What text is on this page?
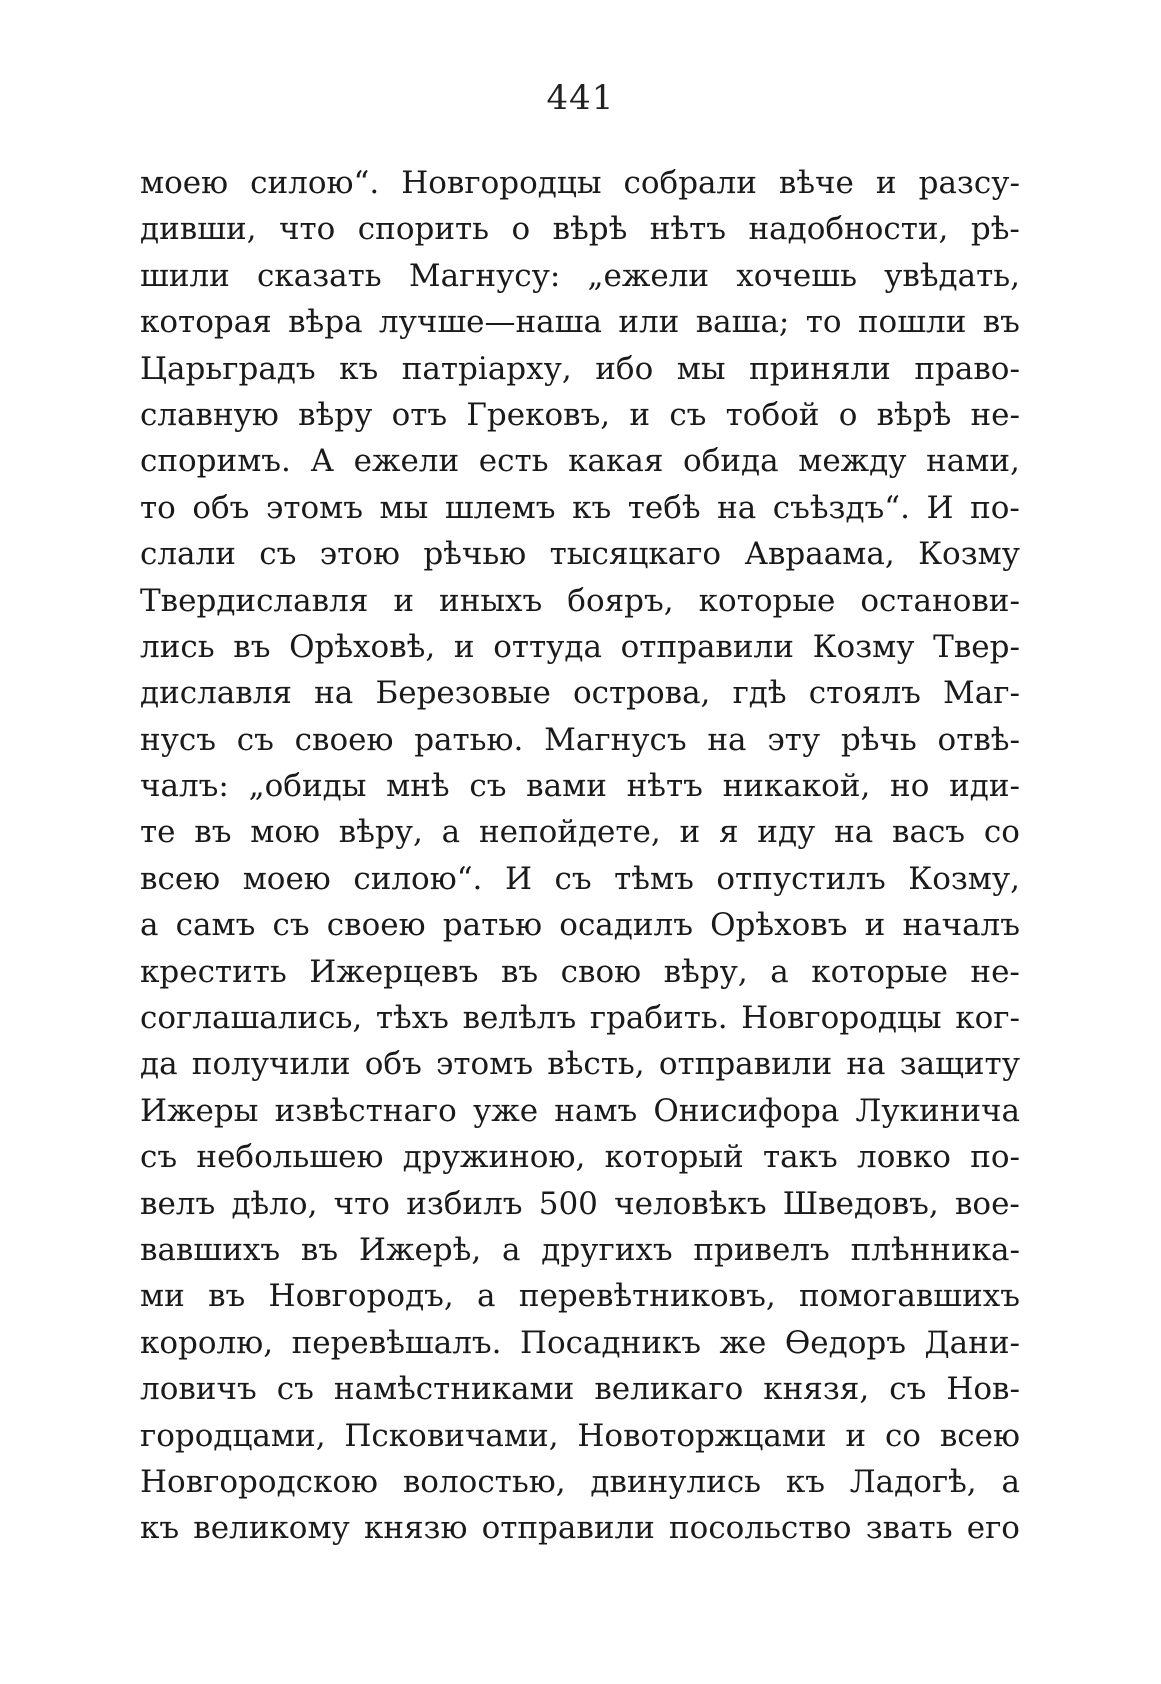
441
моею силою“. Новгородцы собрали вѣче и разсу-
дивши, что спорить о вѣрѣ нѣтъ надобности, рѣ-
шили сказать Магнусу: „ежели хочешь увѣдать,
которая вѣра лучше—наша или ваша; то пошли въ
Царьградъ къ патріарху, ибо мы приняли право-
славную вѣру отъ Грековъ, и съ тобой о вѣрѣ не-
споримъ. А ежели есть какая обида между нами,
то объ этомъ мы шлемъ къ тебѣ на съѣздъ“. И по-
слали съ этою рѣчью тысяцкаго Авраама, Козму
Твердиславля и иныхъ бояръ, которые останови-
лись въ Орѣховѣ, и оттуда отправили Козму Твер-
диславля на Березовые острова, гдѣ стоялъ Маг-
нусъ съ своею ратью. Магнусъ на эту рѣчь отвѣ-
чалъ: „обиды мнѣ съ вами нѣтъ никакой, но иди-
те въ мою вѣру, а непойдете, и я иду на васъ со
всею моею силою“. И съ тѣмъ отпустилъ Козму,
а самъ съ своею ратью осадилъ Орѣховъ и началъ
крестить Ижерцевъ въ свою вѣру, а которые не-
соглашались, тѣхъ велѣлъ грабить. Новгородцы ког-
да получили объ этомъ вѣсть, отправили на защиту
Ижеры извѣстнаго уже намъ Онисифора Лукинича
съ небольшею дружиною, который такъ ловко по-
велъ дѣло, что избилъ 500 человѣкъ Шведовъ, вое-
вавшихъ въ Ижерѣ, а другихъ привелъ плѣнника-
ми въ Новгородъ, а перевѣтниковъ, помогавшихъ
королю, перевѣшалъ. Посадникъ же Ѳедоръ Дани-
ловичъ съ намѣстниками великаго князя, съ Нов-
городцами, Псковичами, Новоторжцами и со всею
Новгородскою волостью, двинулись къ Ладогѣ, а
къ великому князю отправили посольство звать его
